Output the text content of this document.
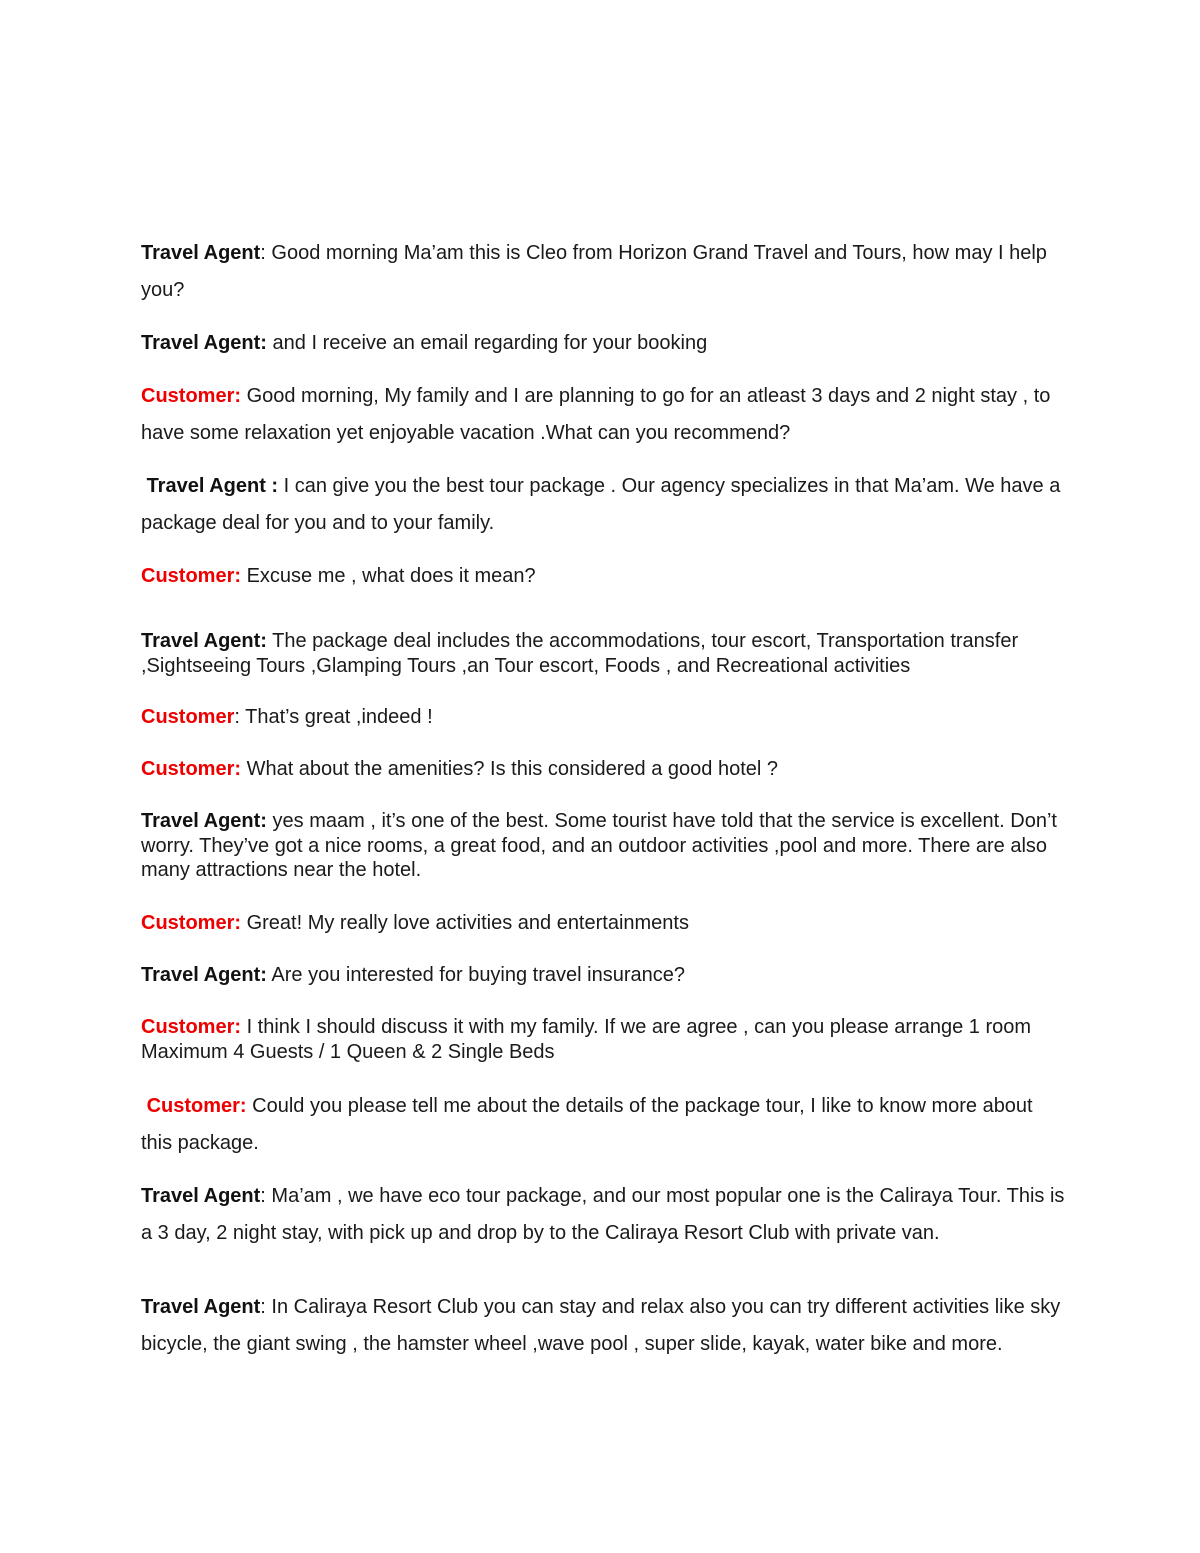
Travel Agent: Good morning Ma’am this is Cleo from Horizon Grand Travel and Tours, how may I help you?

Travel Agent: and I receive an email regarding for your booking

Customer: Good morning, My family and I are planning to go for an atleast 3 days and 2 night stay , to have some relaxation yet enjoyable vacation .What can you recommend?

Travel Agent : I can give you the best tour package . Our agency specializes in that Ma’am. We have a package deal for you and to your family.

Customer: Excuse me , what does it mean?

Travel Agent: The package deal includes the accommodations, tour escort, Transportation transfer ,Sightseeing Tours ,Glamping Tours ,an Tour escort, Foods , and Recreational activities

Customer: That’s great ,indeed !

Customer: What about the amenities? Is this considered a good hotel ?

Travel Agent: yes maam , it’s one of the best. Some tourist have told that the service is excellent. Don’t worry. They’ve got a nice rooms, a great food, and an outdoor activities ,pool and more. There are also many attractions near the hotel.

Customer: Great! My really love activities and entertainments

Travel Agent: Are you interested for buying travel insurance?

Customer: I think I should discuss it with my family. If we are agree , can you please arrange 1 room Maximum 4 Guests / 1 Queen & 2 Single Beds

Customer: Could you please tell me about the details of the package tour, I like to know more about this package.

Travel Agent: Ma’am , we have eco tour package, and our most popular one is the Caliraya Tour. This is a 3 day, 2 night stay, with pick up and drop by to the Caliraya Resort Club with private van.

Travel Agent: In Caliraya Resort Club you can stay and relax also you can try different activities like sky bicycle, the giant swing , the hamster wheel ,wave pool , super slide, kayak, water bike and more.
